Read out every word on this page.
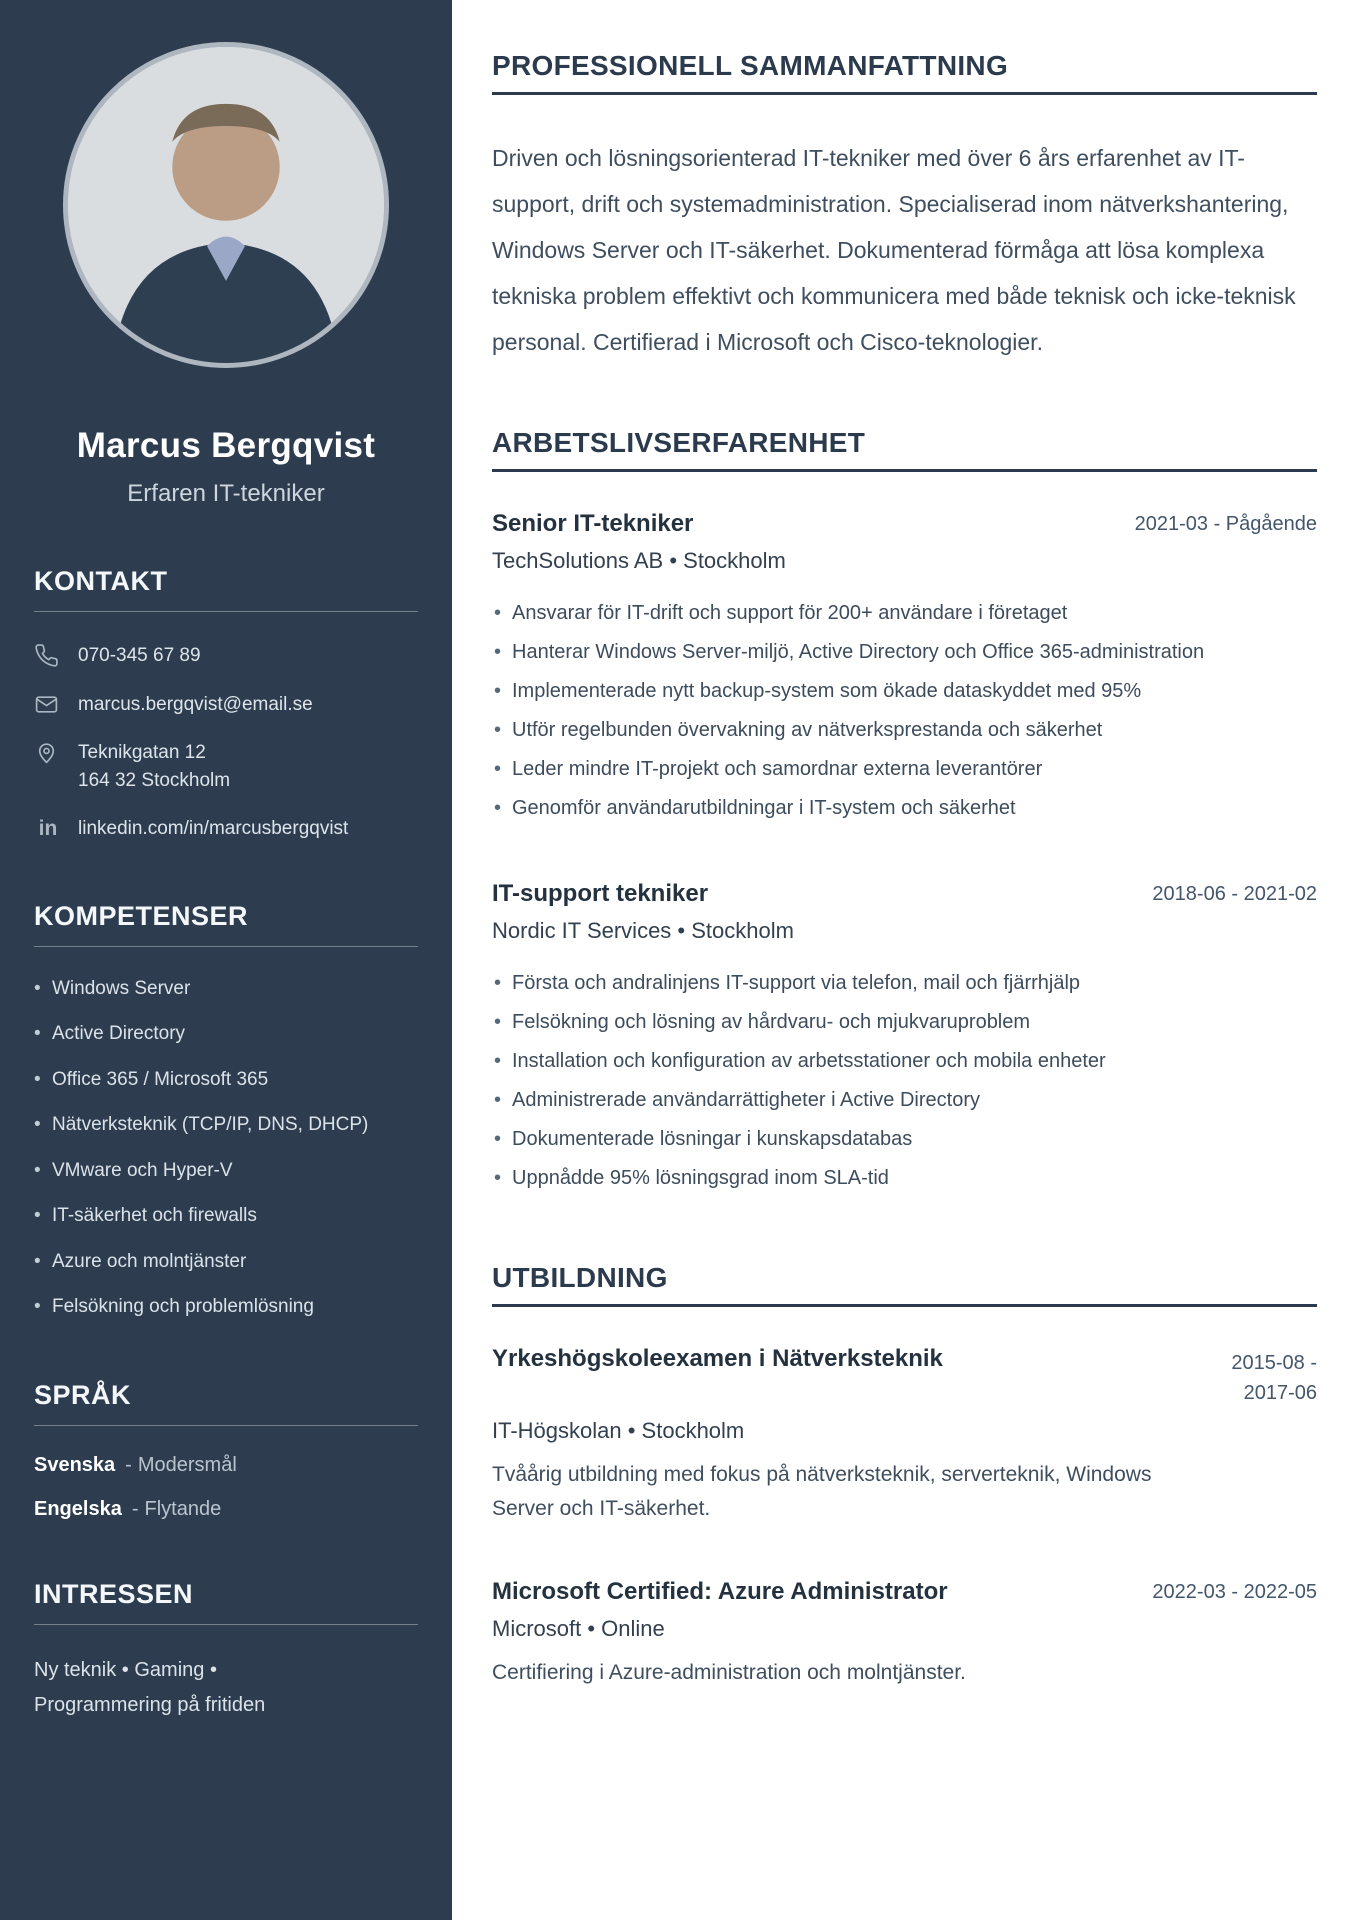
Marcus Bergqvist
Erfaren IT-tekniker
KONTAKT
070-345 67 89
marcus.bergqvist@email.se
Teknikgatan 12
164 32 Stockholm
in linkedin.com/in/marcusbergqvist
KOMPETENSER
• Windows Server
• Active Directory
• Office 365 / Microsoft 365
• Nätverksteknik (TCP/IP, DNS, DHCP)
• VMware och Hyper-V
• IT-säkerhet och firewalls
• Azure och molntjänster
• Felsökning och problemlösning
SPRÅK
Svenska - Modersmål
Engelska - Flytande
INTRESSEN

Ny teknik • Gaming • Programmering på fritiden

PROFESSIONELL SAMMANFATTNING

Driven och lösningsorienterad IT-tekniker med över 6 års erfarenhet av IT-support, drift och systemadministration. Specialiserad inom nätverkshantering, Windows Server och IT-säkerhet. Dokumenterad förmåga att lösa komplexa tekniska problem effektivt och kommunicera med både teknisk och icke-teknisk personal. Certifierad i Microsoft och Cisco-teknologier.

ARBETSLIVSERFARENHET
Senior IT-tekniker	2021-03 - Pågående
TechSolutions AB • Stockholm
• Ansvarar för IT-drift och support för 200+ användare i företaget
• Hanterar Windows Server-miljö, Active Directory och Office 365-administration
• Implementerade nytt backup-system som ökade dataskyddet med 95%
• Utför regelbunden övervakning av nätverksprestanda och säkerhet
• Leder mindre IT-projekt och samordnar externa leverantörer
• Genomför användarutbildningar i IT-system och säkerhet
IT-support tekniker	2018-06 - 2021-02
Nordic IT Services • Stockholm
• Första och andralinjens IT-support via telefon, mail och fjärrhjälp
• Felsökning och lösning av hårdvaru- och mjukvaruproblem
• Installation och konfiguration av arbetsstationer och mobila enheter
• Administrerade användarrättigheter i Active Directory
• Dokumenterade lösningar i kunskapsdatabas
• Uppnådde 95% lösningsgrad inom SLA-tid
UTBILDNING
Yrkeshögskoleexamen i Nätverksteknik	2015-08 - 2017-06
IT-Högskolan • Stockholm

Tvåårig utbildning med fokus på nätverksteknik, serverteknik, Windows Server och IT-säkerhet.

Microsoft Certified: Azure Administrator	2022-03 - 2022-05
Microsoft • Online

Certifiering i Azure-administration och molntjänster.
